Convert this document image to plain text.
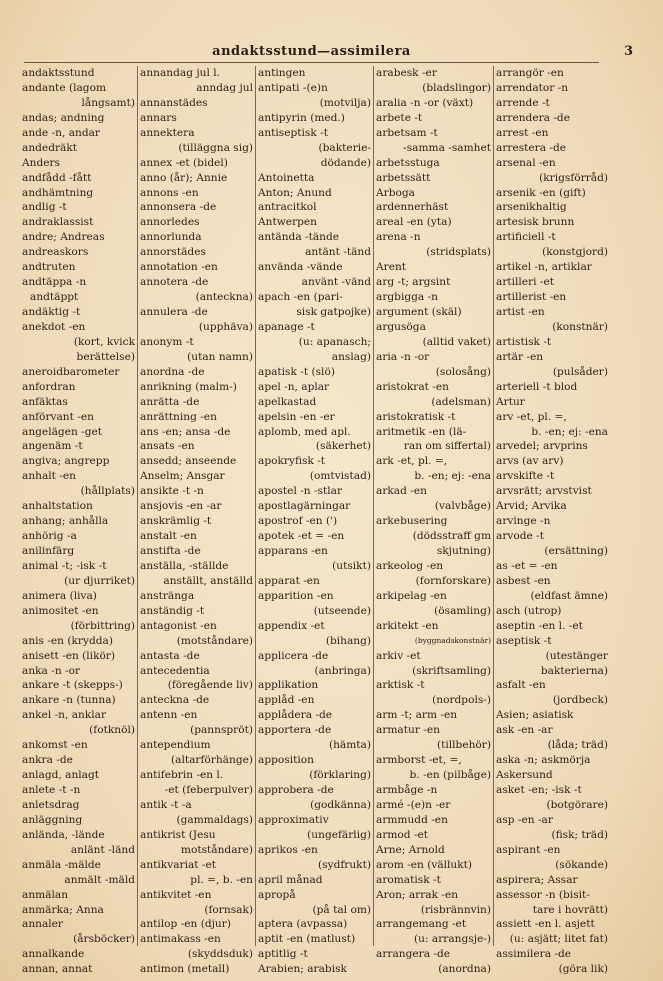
andaktsstund—assimilera	3
andaktsstund
andante (lagom
långsamt)
andas; andning
ande -n, andar
andedräkt
Anders
andfådd -fått
andhämtning
andlig -t
andraklassist
andre; Andreas
andreaskors
andtruten
andtäppa -n
andtäppt
andäktig -t
anekdot -en
(kort, kvick
berättelse)
aneroidbarometer
anfordran
anfäktas
anförvant -en
angelägen -get
angenäm -t
angiva; angrepp
anhalt -en
(hållplats)
anhaltstation
anhang; anhålla
anhörig -a
anilinfärg
animal -t; -isk -t
(ur djurriket)
animera (liva)
animositet -en
(förbittring)
anis -en (krydda)
anisett -en (likör)
anka -n -or
ankare -t (skepps-)
ankare -n (tunna)
ankel -n, anklar
(fotknöl)
ankomst -en
ankra -de
anlagd, anlagt
anlete -t -n
anletsdrag
anläggning
anlända, -lände
anlänt -länd
anmäla -mälde
anmält -mäld
anmälan
anmärka; Anna
annaler
(årsböcker)
annalkande
annan, annat
annandag jul l.
anndag jul
annanstädes
annars
annektera
(tilläggna sig)
annex -et (bidel)
anno (år); Annie
annons -en
annonsera -de
annorledes
annorlunda
annorstädes
annotation -en
annotera -de
(anteckna)
annulera -de
(upphäva)
anonym -t
(utan namn)
anordna -de
anrikning (malm-)
anrätta -de
anrättning -en
ans -en; ansa -de
ansats -en
ansedd; anseende
Anselm; Ansgar
ansikte -t -n
ansjovis -en -ar
anskrämlig -t
anstalt -en
anstifta -de
anställa, -ställde
anställt, anställd
anstränga
anständig -t
antagonist -en
(motståndare)
antasta -de
antecedentia
(föregående liv)
anteckna -de
antenn -en
(pannspröt)
antependium
(altarförhänge)
antifebrin -en l.
-et (feberpulver)
antik -t -a
(gammaldags)
antikrist (Jesu
motståndare)
antikvariat -et
pl. =, b. -en
antikvitet -en
(fornsak)
antilop -en (djur)
antimakass -en
(skyddsduk)
antimon (metall)
antingen
antipati -(e)n
(motvilja)
antipyrin (med.)
antiseptisk -t
(bakterie-
dödande)
Antoinetta
Anton; Anund
antracitkol
Antwerpen
antända -tände
antänt -tänd
använda -vände
använt -vänd
apach -en (pari-
sisk gatpojke)
apanage -t
(u: apanasch;
anslag)
apatisk -t (slö)
apel -n, aplar
apelkastad
apelsin -en -er
aplomb, med apl.
(säkerhet)
apokryfisk -t
(omtvistad)
apostel -n -stlar
apostlagärningar
apostrof -en (')
apotek -et = -en
apparans -en
(utsikt)
apparat -en
apparition -en
(utseende)
appendix -et
(bihang)
applicera -de
(anbringa)
applikation
applåd -en
applådera -de
apportera -de
(hämta)
apposition
(förklaring)
approbera -de
(godkänna)
approximativ
(ungefärlig)
aprikos -en
(sydfrukt)
april månad
apropå
(på tal om)
aptera (avpassa)
aptit -en (matlust)
aptitlig -t
Arabien; arabisk
arabesk -er
(bladslingor)
aralia -n -or (växt)
arbete -t
arbetsam -t
-samma -samhet
arbetsstuga
arbetssätt
Arboga
ardennerhäst
areal -en (yta)
arena -n
(stridsplats)
Arent
arg -t; argsint
argbigga -n
argument (skäl)
argusöga
(alltid vaket)
aria -n -or
(solosång)
aristokrat -en
(adelsman)
aristokratisk -t
aritmetik -en (lä-
ran om siffertal)
ark -et, pl. =,
b. -en; ej: -ena
arkad -en
(valvbåge)
arkebusering
(dödsstraff gm
skjutning)
arkeolog -en
(fornforskare)
arkipelag -en
(ösamling)
arkitekt -en
(byggnadskonstnär)
arkiv -et
(skriftsamling)
arktisk -t
(nordpols-)
arm -t; arm -en
armatur -en
(tillbehör)
armborst -et, =,
b. -en (pilbåge)
armbåge -n
armé -(e)n -er
armmudd -en
armod -et
Arne; Arnold
arom -en (vällukt)
aromatisk -t
Aron; arrak -en
(risbrännvin)
arrangemang -et
(u: arrangsje-)
arrangera -de
(anordna)
arrangör -en
arrendator -n
arrende -t
arrendera -de
arrest -en
arrestera -de
arsenal -en
(krigsförråd)
arsenik -en (gift)
arsenikhaltig
artesisk brunn
artificiell -t
(konstgjord)
artikel -n, artiklar
artilleri -et
artillerist -en
artist -en
(konstnär)
artistisk -t
artär -en
(pulsåder)
arteriell -t blod
Artur
arv -et, pl. =,
b. -en; ej: -ena
arvedel; arvprins
arvs (av arv)
arvskifte -t
arvsrätt; arvstvist
Arvid; Arvika
arvinge -n
arvode -t
(ersättning)
as -et = -en
asbest -en
(eldfast ämne)
asch (utrop)
aseptin -en l. -et
aseptisk -t
(utestänger
bakterierna)
asfalt -en
(jordbeck)
Asien; asiatisk
ask -en -ar
(låda; träd)
aska -n; askmörja
Askersund
asket -en; -isk -t
(botgörare)
asp -en -ar
(fisk; träd)
aspirant -en
(sökande)
aspirera; Assar
assessor -n (bisit-
tare i hovrätt)
assiett -en l. asjett
(u: asjätt; litet fat)
assimilera -de
(göra lik)
